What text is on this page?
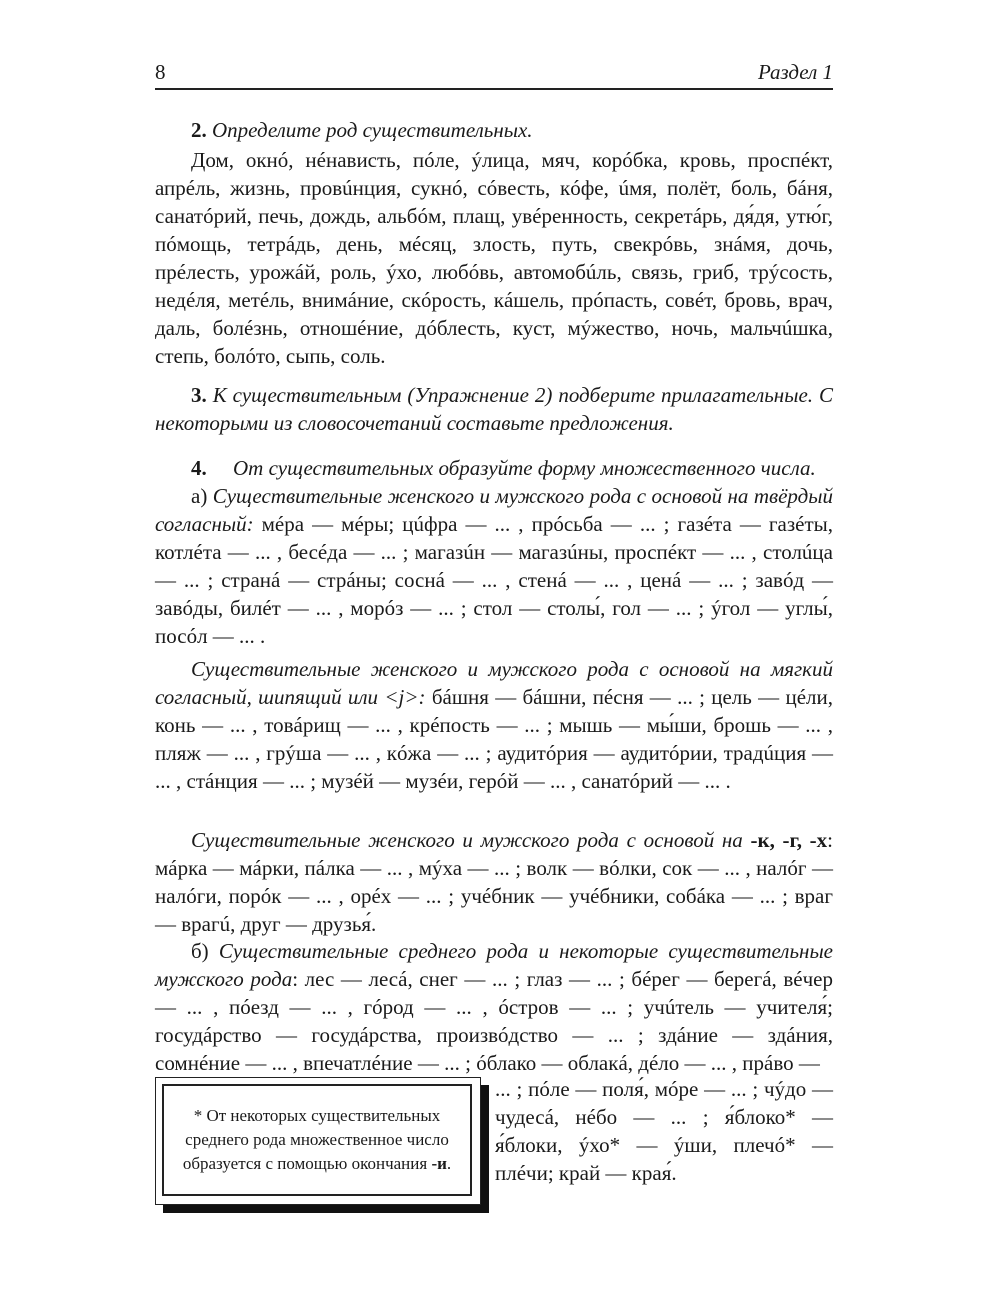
8	Раздел 1
2. Определите род существительных.
Дом, окнó, нéнависть, пóле, ýлица, мяч, корóбка, кровь, проспéкт, апрéль, жизнь, провúнция, сукнó, сóвесть, кóфе, úмя, полёт, боль, бáня, санатóрий, печь, дождь, альбóм, плащ, увéренность, секретáрь, дя́дя, утю́г, пóмощь, тетрáдь, день, мéсяц, злость, путь, свекрóвь, знáмя, дочь, прéлесть, урожáй, роль, ýхо, любóвь, автомобúль, связь, гриб, трýсость, недéля, метéль, внимáние, скóрость, кáшель, прóпасть, совéт, бровь, врач, даль, болéзнь, отношéние, дóблесть, куст, мýжество, ночь, мальчúшка, степь, болóто, сыпь, соль.
3. К существительным (Упражнение 2) подберите прилагательные. С некоторыми из словосочетаний составьте предложения.
4. От существительных образуйте форму множественного числа.
а) Существительные женского и мужского рода с основой на твёрдый согласный: мéра — мéры; цúфра — ... , прóсьба — ... ; газéта — газéты, котлéта — ... , бесéда — ... ; магазúн — магазúны, проспéкт — ... , столúца — ... ; странá — стрáны; соснá — ... , стенá — ... , ценá — ... ; завóд — завóды, билéт — ... , морóз — ... ; стол — столы́, гол — ... ; ýгол — углы́, посóл — ... .
Существительные женского и мужского рода с основой на мягкий согласный, шипящий или <j>: бáшня — бáшни, пéсня — ... ; цель — цéли, конь — ... , товáрищ — ... , крéпость — ... ; мышь — мы́ши, брошь — ... , пляж — ... , грýша — ... , кóжа — ... ; аудитóрия — аудитóрии, традúция — ... , стáнция — ... ; музéй — музéи, герóй — ... , санатóрий — ... .
Существительные женского и мужского рода с основой на -к, -г, -х: мáрка — мáрки, пáлка — ... , мýха — ... ; волк — вóлки, сок — ... , налóг — налóги, порóк — ... , орéх — ... ; учéбник — учéбники, собáка — ... ; враг — врагú, друг — друзья́.
б) Существительные среднего рода и некоторые существительные мужского рода: лес — лесá, снег — ... ; глаз — ... ; бéрег — берегá, вéчер — ... , пóезд — ... , гóрод — ... , óстров — ... ; учúтель — учителя́; госудáрство — госудáрства, произвóдство — ... ; здáние — здáния, сомнéние — ... , впечатлéние — ... ; óблако — облакá, дéло — ... , прáво —
* От некоторых существительных среднего рода множественное число образуется с помощью окончания -и.
... ; пóле — поля́, мóре — ... ; чýдо — чудесá, нéбо — ... ; я́блоко* — я́блоки, ýхо* — ýши, плечó* — плéчи; край — края́.
